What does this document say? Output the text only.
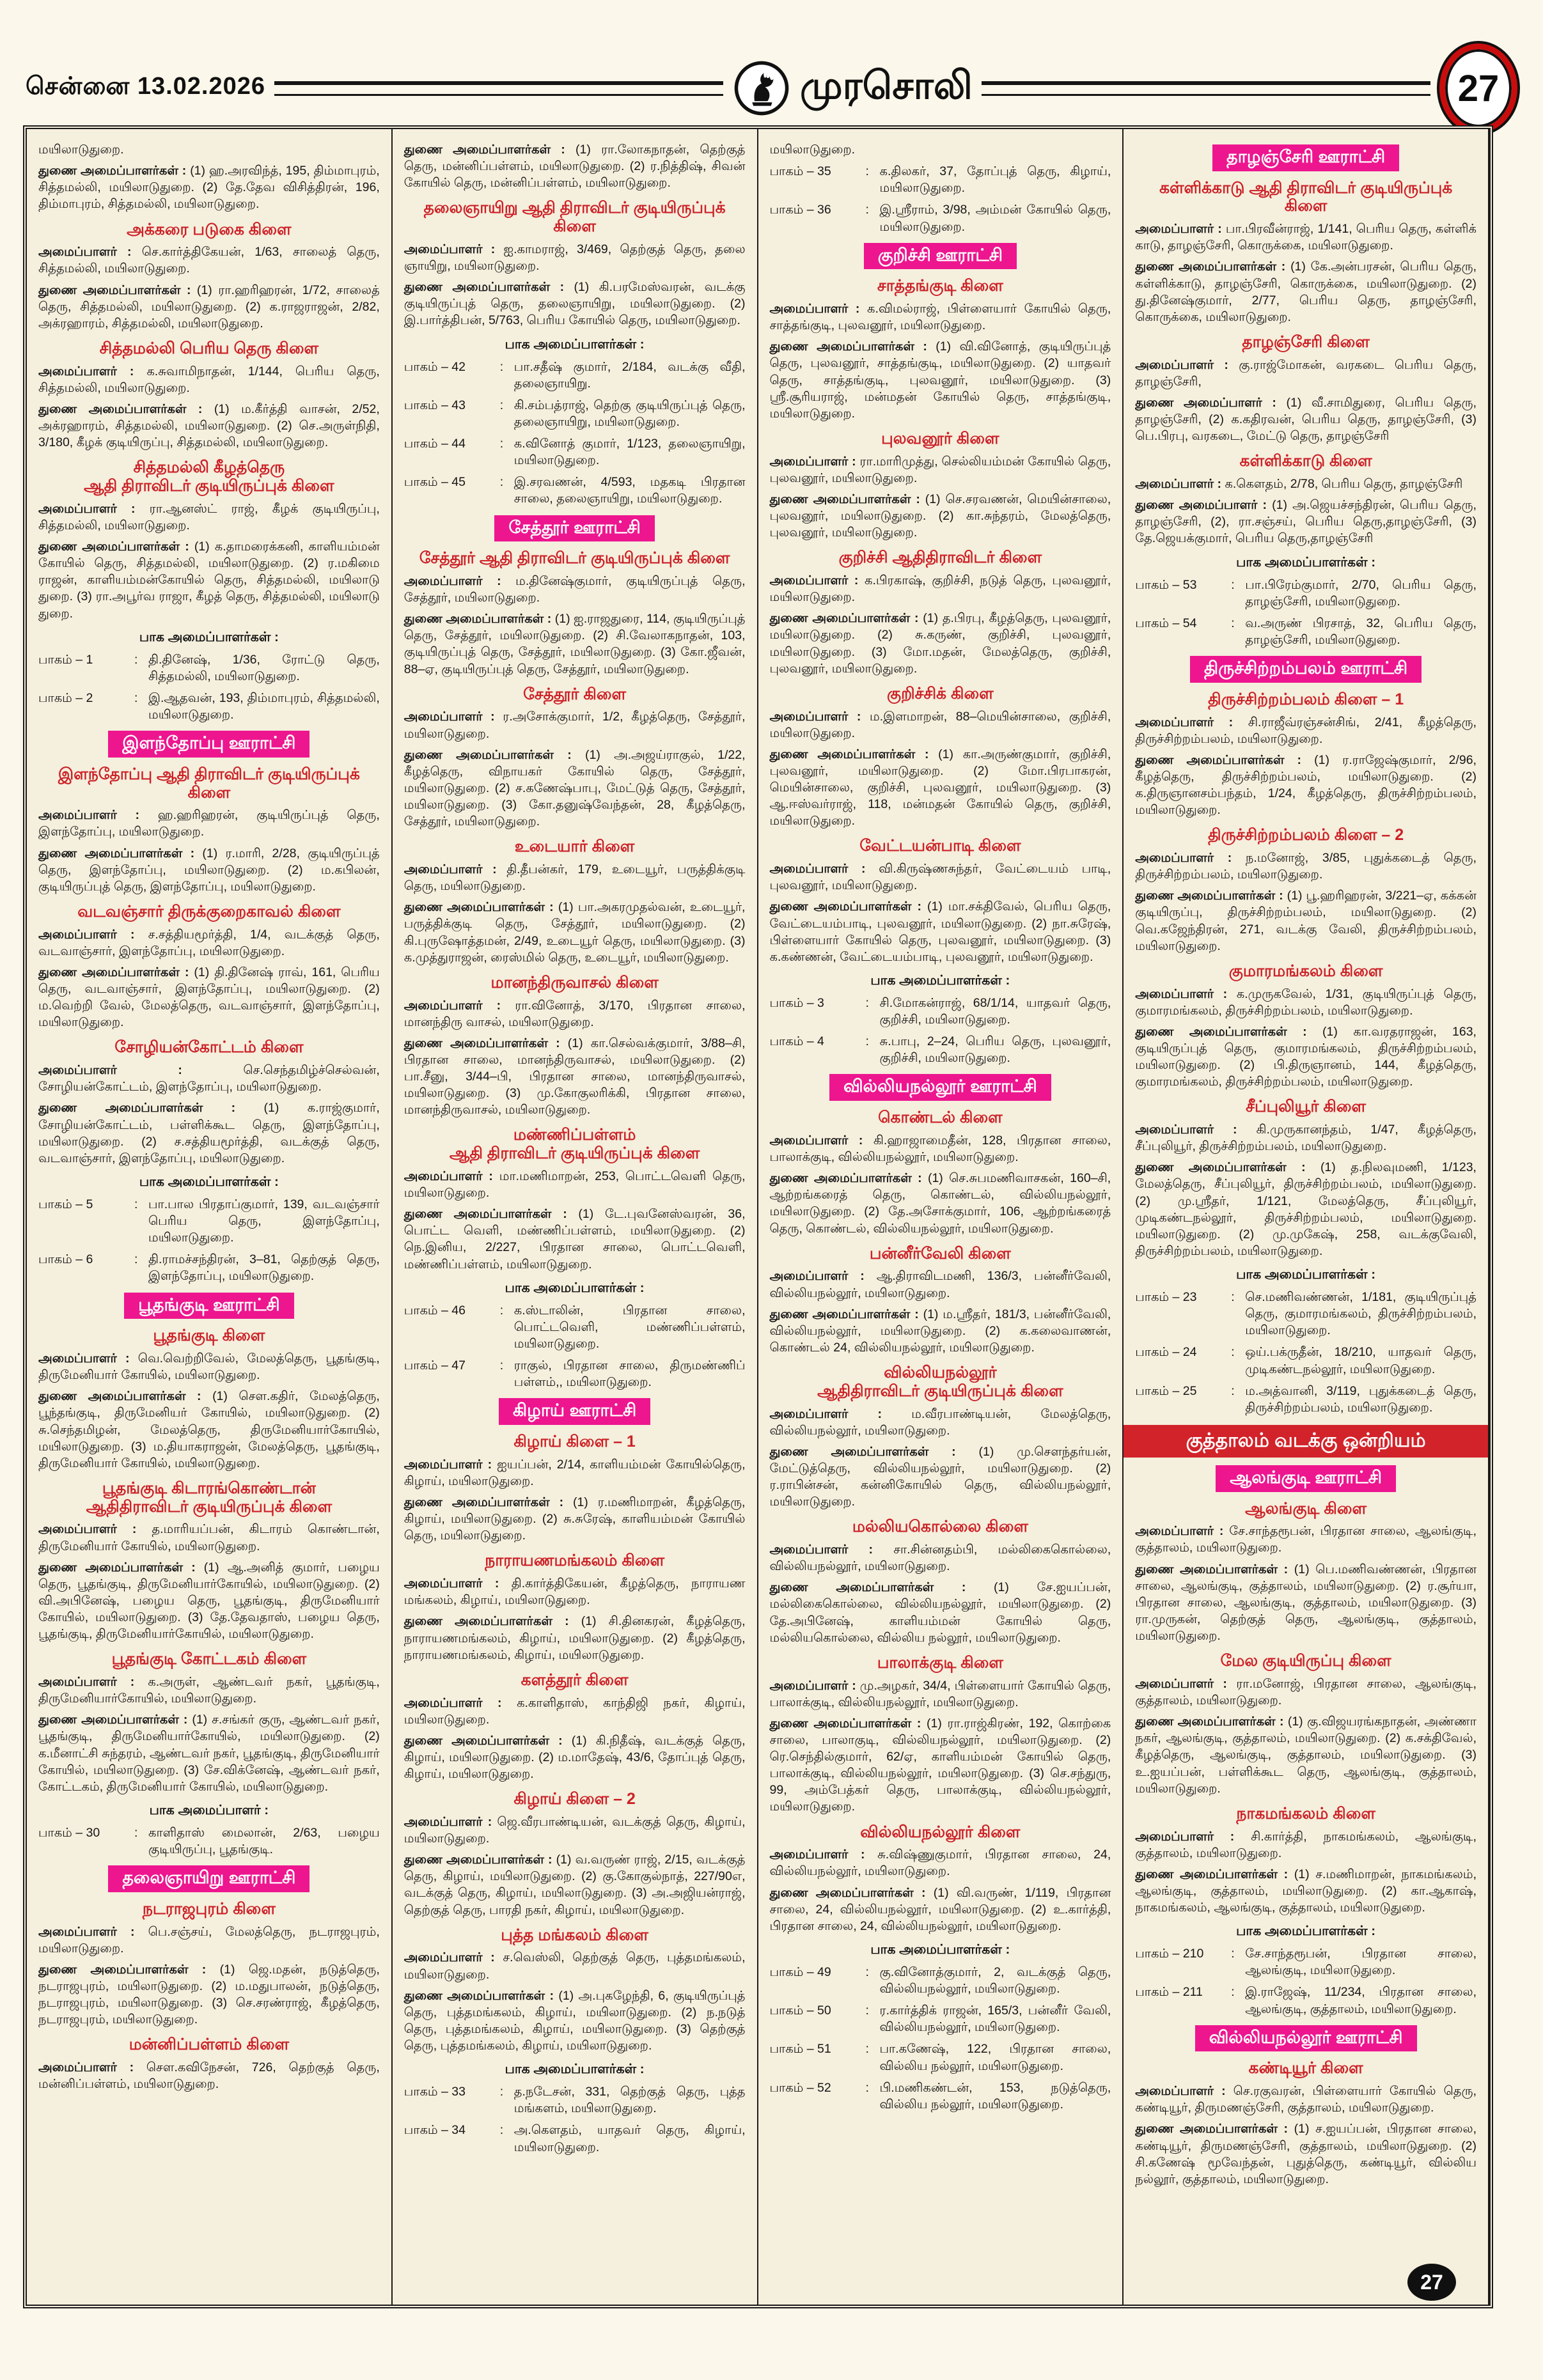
சென்னை 13.02.2026	முரசொலி	27
மயிலாடுதுறை.
துணை அமைப்பாளர்கள் : (1) ஹ.அரவிந்த், 195, திம்மாபுரம், சித்தமல்லி, மயிலாடுதுறை. (2) தே.தேவ விசித்திரன், 196, திம்மாபுரம், சித்தமல்லி, மயிலாடுதுறை.
அக்கரை படுகை கிளை
அமைப்பாளர் : செ.கார்த்திகேயன், 1/63, சாலைத் தெரு, சித்தமல்லி, மயிலாடுதுறை.
துணை அமைப்பாளர்கள் : (1) ரா.ஹரிஹரன், 1/72, சாலைத் தெரு, சித்தமல்லி, மயிலாடுதுறை. (2) க.ராஜராஜன், 2/82, அக்ரஹாரம், சித்தமல்லி, மயிலாடுதுறை.
சித்தமல்லி பெரிய தெரு கிளை
அமைப்பாளர் : க.சுவாமிநாதன், 1/144, பெரிய தெரு, சித்தமல்லி, மயிலாடுதுறை.
துணை அமைப்பாளர்கள் : (1) ம.கீர்த்தி வாசன், 2/52, அக்ரஹாரம், சித்தமல்லி, மயிலாடுதுறை. (2) செ.அருள்நிதி, 3/180, கீழக் குடியிருப்பு, சித்தமல்லி, மயிலாடுதுறை.
சித்தமல்லி கீழத்தெரு
ஆதி திராவிடர் குடியிருப்புக் கிளை
அமைப்பாளர் : ரா.ஆனஸ்ட் ராஜ், கீழக் குடியிருப்பு, சித்தமல்லி, மயிலாடுதுறை.
துணை அமைப்பாளர்கள் : (1) க.தாமரைக்கனி, காளியம்மன் கோயில் தெரு, சித்தமல்லி, மயிலாடுதுறை. (2) ர.மகிமை ராஜன், காளியம்மன்கோயில் தெரு, சித்தமல்லி, மயிலாடு துறை. (3) ரா.அபூர்வ ராஜா, கீழத் தெரு, சித்தமல்லி, மயிலாடு துறை.
பாக அமைப்பாளர்கள் :
பாகம் – 1	: தி.தினேஷ், 1/36, ரோட்டு தெரு, சித்தமல்லி, மயிலாடுதுறை.
பாகம் – 2	: இ.ஆதவன், 193, திம்மாபுரம், சித்தமல்லி, மயிலாடுதுறை.
இளந்தோப்பு ஊராட்சி
இளந்தோப்பு ஆதி திராவிடர் குடியிருப்புக் கிளை
அமைப்பாளர் : ஹ.ஹரிஹரன், குடியிருப்புத் தெரு, இளந்தோப்பு, மயிலாடுதுறை.
துணை அமைப்பாளர்கள் : (1) ர.மாரி, 2/28, குடியிருப்புத் தெரு, இளந்தோப்பு, மயிலாடுதுறை. (2) ம.கபிலன், குடியிருப்புத் தெரு, இளந்தோப்பு, மயிலாடுதுறை.
வடவஞ்சார் திருக்குறைகாவல் கிளை
அமைப்பாளர் : ச.சத்தியமூர்த்தி, 1/4, வடக்குத் தெரு, வடவாஞ்சார், இளந்தோப்பு, மயிலாடுதுறை.
துணை அமைப்பாளர்கள் : (1) தி.தினேஷ் ராவ், 161, பெரிய தெரு, வடவாஞ்சார், இளந்தோப்பு, மயிலாடுதுறை. (2) ம.வெற்றி வேல், மேலத்தெரு, வடவாஞ்சார், இளந்தோப்பு, மயிலாடுதுறை.
சோழியன்கோட்டம் கிளை
அமைப்பாளர் : செ.செந்தமிழ்ச்செல்வன், சோழியன்கோட்டம், இளந்தோப்பு, மயிலாடுதுறை.
துணை அமைப்பாளர்கள் : (1) க.ராஜ்குமார், சோழியன்கோட்டம், பள்ளிக்கூட தெரு, இளந்தோப்பு, மயிலாடுதுறை. (2) ச.சத்தியமூர்த்தி, வடக்குத் தெரு, வடவாஞ்சார், இளந்தோப்பு, மயிலாடுதுறை.
பாக அமைப்பாளர்கள் :
பாகம் – 5	: பா.பால பிரதாப்குமார், 139, வடவஞ்சார் பெரிய தெரு, இளந்தோப்பு, மயிலாடுதுறை.
பாகம் – 6	: தி.ராமச்சந்திரன், 3–81, தெற்குத் தெரு, இளந்தோப்பு, மயிலாடுதுறை.
பூதங்குடி ஊராட்சி
பூதங்குடி கிளை
அமைப்பாளர் : வெ.வெற்றிவேல், மேலத்தெரு, பூதங்குடி, திருமேனியார் கோயில், மயிலாடுதுறை.
துணை அமைப்பாளர்கள் : (1) செள.கதிர், மேலத்தெரு, பூந்தங்குடி, திருமேனியர் கோயில், மயிலாடுதுறை. (2) சு.செந்தமிழன், மேலத்தெரு, திருமேனியார்கோயில், மயிலாடுதுறை. (3) ம.தியாகராஜன், மேலத்தெரு, பூதங்குடி, திருமேனியார் கோயில், மயிலாடுதுறை.
பூதங்குடி கிடாரங்கொண்டான்
ஆதிதிராவிடர் குடியிருப்புக் கிளை
அமைப்பாளர் : த.மாரியப்பன், கிடாரம் கொண்டான், திருமேனியார் கோயில், மயிலாடுதுறை.
துணை அமைப்பாளர்கள் : (1) ஆ.அனித் குமார், பழைய தெரு, பூதங்குடி, திருமேனியார்கோயில், மயிலாடுதுறை. (2) வி.அபினேஷ், பழைய தெரு, பூதங்குடி, திருமேனியார் கோயில், மயிலாடுதுறை. (3) தே.தேவதாஸ், பழைய தெரு, பூதங்குடி, திருமேனியார்கோயில், மயிலாடுதுறை.
பூதங்குடி கோட்டகம் கிளை
அமைப்பாளர் : க.அருள், ஆண்டவர் நகர், பூதங்குடி, திருமேனியார்கோயில், மயிலாடுதுறை.
துணை அமைப்பாளர்கள் : (1) ச.சங்கர் குரு, ஆண்டவர் நகர், பூதங்குடி, திருமேனியார்கோயில், மயிலாடுதுறை. (2) க.மீனாட்சி சுந்தரம், ஆண்டவர் நகர், பூதங்குடி, திருமேனியார் கோயில், மயிலாடுதுறை. (3) சே.விக்னேஷ், ஆண்டவர் நகர், கோட்டகம், திருமேனியார் கோயில், மயிலாடுதுறை.
பாக அமைப்பாளர் :
பாகம் – 30	: காளிதாஸ் மைலான், 2/63, பழைய குடியிருப்பு, பூதங்குடி.
தலைஞாயிறு ஊராட்சி
நடராஜபுரம் கிளை
அமைப்பாளர் : பெ.சஞ்சய், மேலத்தெரு, நடராஜபுரம், மயிலாடுதுறை.
துணை அமைப்பாளர்கள் : (1) ஜெ.மதன், நடுத்தெரு, நடராஜபுரம், மயிலாடுதுறை. (2) ம.மதுபாலன், நடுத்தெரு, நடராஜபுரம், மயிலாடுதுறை. (3) செ.சரண்ராஜ், கீழத்தெரு, நடராஜபுரம், மயிலாடுதுறை.
மன்னிப்பள்ளம் கிளை
அமைப்பாளர் : செள.கவிநேசன், 726, தெற்குத் தெரு, மன்னிப்பள்ளம், மயிலாடுதுறை.
துணை அமைப்பாளர்கள் : (1) ரா.லோகநாதன், தெற்குத் தெரு, மன்னிப்பள்ளம், மயிலாடுதுறை. (2) ர.நித்திஷ், சிவன் கோயில் தெரு, மன்னிப்பள்ளம், மயிலாடுதுறை.
தலைஞாயிறு ஆதி திராவிடர் குடியிருப்புக் கிளை
அமைப்பாளர் : ஐ.காமராஜ், 3/469, தெற்குத் தெரு, தலை ஞாயிறு, மயிலாடுதுறை.
துணை அமைப்பாளர்கள் : (1) கி.பரமேஸ்வரன், வடக்கு குடியிருப்புத் தெரு, தலைஞாயிறு, மயிலாடுதுறை. (2) இ.பார்த்திபன், 5/763, பெரிய கோயில் தெரு, மயிலாடுதுறை.
பாக அமைப்பாளர்கள் :
பாகம் – 42	: பா.சதீஷ் குமார், 2/184, வடக்கு வீதி, தலைஞாயிறு.
பாகம் – 43	: கி.சம்பத்ராஜ், தெற்கு குடியிருப்புத் தெரு, தலைஞாயிறு, மயிலாடுதுறை.
பாகம் – 44	: க.வினோத் குமார், 1/123, தலைஞாயிறு, மயிலாடுதுறை.
பாகம் – 45	: இ.சரவணன், 4/593, மதகடி பிரதான சாலை, தலைஞாயிறு, மயிலாடுதுறை.
சேத்தூர் ஊராட்சி
சேத்தூர் ஆதி திராவிடர் குடியிருப்புக் கிளை
அமைப்பாளர் : ம.தினேஷ்குமார், குடியிருப்புத் தெரு, சேத்தூர், மயிலாடுதுறை.
துணை அமைப்பாளர்கள் : (1) ஐ.ராஜதுரை, 114, குடியிருப்புத் தெரு, சேத்தூர், மயிலாடுதுறை. (2) சி.வேலாகநாதன், 103, குடியிருப்புத் தெரு, சேத்தூர், மயிலாடுதுறை. (3) கோ.ஜீவன், 88–ஏ, குடியிருப்புத் தெரு, சேத்தூர், மயிலாடுதுறை.
சேத்தூர் கிளை
அமைப்பாளர் : ர.அசோக்குமார், 1/2, கீழத்தெரு, சேத்தூர், மயிலாடுதுறை.
துணை அமைப்பாளர்கள் : (1) அ.அஜய்ராகுல், 1/22, கீழத்தெரு, விநாயகர் கோயில் தெரு, சேத்தூர், மயிலாடுதுறை. (2) ச.கணேஷ்பாபு, மேட்டுத் தெரு, சேத்தூர், மயிலாடுதுறை. (3) கோ.தனுஷ்வேந்தன், 28, கீழத்தெரு, சேத்தூர், மயிலாடுதுறை.
உடையார் கிளை
அமைப்பாளர் : தி.தீபன்கர், 179, உடையூர், பருத்திக்குடி தெரு, மயிலாடுதுறை.
துணை அமைப்பாளர்கள் : (1) பா.அகரமுதல்வன், உடையூர், பருத்திக்குடி தெரு, சேத்தூர், மயிலாடுதுறை. (2) கி.புருஷோத்தமன், 2/49, உடையூர் தெரு, மயிலாடுதுறை. (3) க.முத்துராஜன், ரைஸ்மில் தெரு, உடையூர், மயிலாடுதுறை.
மானந்திருவாசல் கிளை
அமைப்பாளர் : ரா.வினோத், 3/170, பிரதான சாலை, மானந்திரு வாசல், மயிலாடுதுறை.
துணை அமைப்பாளர்கள் : (1) கா.செல்வக்குமார், 3/88–சி, பிரதான சாலை, மானந்திருவாசல், மயிலாடுதுறை. (2) பா.சீனு, 3/44–பி, பிரதான சாலை, மானந்திருவாசல், மயிலாடுதுறை. (3) மு.கோகுலரிக்கி, பிரதான சாலை, மானந்திருவாசல், மயிலாடுதுறை.
மண்ணிப்பள்ளம்
ஆதி திராவிடர் குடியிருப்புக் கிளை
அமைப்பாளர் : மா.மணிமாறன், 253, பொட்டவெளி தெரு, மயிலாடுதுறை.
துணை அமைப்பாளர்கள் : (1) டே.புவனேஸ்வரன், 36, பொட்ட வெளி, மண்ணிப்பள்ளம், மயிலாடுதுறை. (2) நெ.இனிய, 2/227, பிரதான சாலை, பொட்டவெளி, மண்ணிப்பள்ளம், மயிலாடுதுறை.
பாக அமைப்பாளர்கள் :
பாகம் – 46	: க.ஸ்டாலின், பிரதான சாலை, பொட்டவெளி, மண்ணிப்பள்ளம், மயிலாடுதுறை.
பாகம் – 47	: ராகுல், பிரதான சாலை, திருமண்ணிப் பள்ளம்,, மயிலாடுதுறை.
கிழாய் ஊராட்சி
கிழாய் கிளை – 1
அமைப்பாளர் : ஐயப்பன், 2/14, காளியம்மன் கோயில்தெரு, கிழாய், மயிலாடுதுறை.
துணை அமைப்பாளர்கள் : (1) ர.மணிமாறன், கீழத்தெரு, கிழாய், மயிலாடுதுறை. (2) சு.சுரேஷ், காளியம்மன் கோயில் தெரு, மயிலாடுதுறை.
நாராயணமங்கலம் கிளை
அமைப்பாளர் : தி.கார்த்திகேயன், கீழத்தெரு, நாராயண மங்கலம், கிழாய், மயிலாடுதுறை.
துணை அமைப்பாளர்கள் : (1) சி.தினகரன், கீழத்தெரு, நாராயணமங்கலம், கிழாய், மயிலாடுதுறை. (2) கீழத்தெரு, நாராயணமங்கலம், கிழாய், மயிலாடுதுறை.
களத்தூர் கிளை
அமைப்பாளர் : க.காளிதாஸ், காந்திஜி நகர், கிழாய், மயிலாடுதுறை.
துணை அமைப்பாளர்கள் : (1) கி.நிதீஷ், வடக்குத் தெரு, கிழாய், மயிலாடுதுறை. (2) ம.மாதேஷ், 43/6, தோப்புத் தெரு, கிழாய், மயிலாடுதுறை.
கிழாய் கிளை – 2
அமைப்பாளர் : ஜெ.வீரபாண்டியன், வடக்குத் தெரு, கிழாய், மயிலாடுதுறை.
துணை அமைப்பாளர்கள் : (1) வ.வருண் ராஜ், 2/15, வடக்குத் தெரு, கிழாய், மயிலாடுதுறை. (2) கு.கோகுல்நாத், 227/90எ, வடக்குத் தெரு, கிழாய், மயிலாடுதுறை. (3) அ.அஜியன்ராஜ், தெற்குத் தெரு, பாரதி நகர், கிழாய், மயிலாடுதுறை.
புத்த மங்கலம் கிளை
அமைப்பாளர் : ச.வெஸ்லி, தெற்குத் தெரு, புத்தமங்கலம், மயிலாடுதுறை.
துணை அமைப்பாளர்கள் : (1) அ.புகழேந்தி, 6, குடியிருப்புத் தெரு, புத்தமங்கலம், கிழாய், மயிலாடுதுறை. (2) ந.நடுத் தெரு, புத்தமங்கலம், கிழாய், மயிலாடுதுறை. (3) தெற்குத் தெரு, புத்தமங்கலம், கிழாய், மயிலாடுதுறை.
பாக அமைப்பாளர்கள் :
பாகம் – 33	: த.நடேசன், 331, தெற்குத் தெரு, புத்த மங்களம், மயிலாடுதுறை.
பாகம் – 34	: அ.கௌதம், யாதவர் தெரு, கிழாய், மயிலாடுதுறை.
மயிலாடுதுறை.
பாகம் – 35	: க.திலகர், 37, தோப்புத் தெரு, கிழாய், மயிலாடுதுறை.
பாகம் – 36	: இ.ஸ்ரீராம், 3/98, அம்மன் கோயில் தெரு, மயிலாடுதுறை.
குறிச்சி ஊராட்சி
சாத்தங்குடி கிளை
அமைப்பாளர் : க.விமல்ராஜ், பிள்ளையார் கோயில் தெரு, சாத்தங்குடி, புலவனூர், மயிலாடுதுறை.
துணை அமைப்பாளர்கள் : (1) வி.வினோத், குடியிருப்புத் தெரு, புலவனூர், சாத்தங்குடி, மயிலாடுதுறை. (2) யாதவர் தெரு, சாத்தங்குடி, புலவனூர், மயிலாடுதுறை. (3) ஸ்ரீ.சூரியராஜ், மன்மதன் கோயில் தெரு, சாத்தங்குடி, மயிலாடுதுறை.
புலவனூர் கிளை
அமைப்பாளர் : ரா.மாரிமுத்து, செல்லியம்மன் கோயில் தெரு, புலவனூர், மயிலாடுதுறை.
துணை அமைப்பாளர்கள் : (1) செ.சரவணன், மெயின்சாலை, புலவனூர், மயிலாடுதுறை. (2) கா.சுந்தரம், மேலத்தெரு, புலவனூர், மயிலாடுதுறை.
குறிச்சி ஆதிதிராவிடர் கிளை
அமைப்பாளர் : க.பிரகாஷ், குறிச்சி, நடுத் தெரு, புலவனூர், மயிலாடுதுறை.
துணை அமைப்பாளர்கள் : (1) த.பிரபு, கீழத்தெரு, புலவனூர், மயிலாடுதுறை. (2) சு.கருண், குறிச்சி, புலவனூர், மயிலாடுதுறை. (3) மோ.மதன், மேலத்தெரு, குறிச்சி, புலவனூர், மயிலாடுதுறை.
குறிச்சிக் கிளை
அமைப்பாளர் : ம.இளமாறன், 88–மெயின்சாலை, குறிச்சி, மயிலாடுதுறை.
துணை அமைப்பாளர்கள் : (1) கா.அருண்குமார், குறிச்சி, புலவனூர், மயிலாடுதுறை. (2) மோ.பிரபாகரன், மெயின்சாலை, குறிச்சி, புலவனூர், மயிலாடுதுறை. (3) ஆ.ஈஸ்வர்ராஜ், 118, மன்மதன் கோயில் தெரு, குறிச்சி, மயிலாடுதுறை.
வேட்டயன்பாடி கிளை
அமைப்பாளர் : வி.கிருஷ்ணசுந்தர், வேட்டையம் பாடி, புலவனூர், மயிலாடுதுறை.
துணை அமைப்பாளர்கள் : (1) மா.சக்திவேல், பெரிய தெரு, வேட்டையம்பாடி, புலவனூர், மயிலாடுதுறை. (2) நா.சுரேஷ், பிள்ளையார் கோயில் தெரு, புலவனூர், மயிலாடுதுறை. (3) க.கண்ணன், வேட்டையம்பாடி, புலவனூர், மயிலாடுதுறை.
பாக அமைப்பாளர்கள் :
பாகம் – 3	: சி.மோகன்ராஜ், 68/1/14, யாதவர் தெரு, குறிச்சி, மயிலாடுதுறை.
பாகம் – 4	: சு.பாபு, 2–24, பெரிய தெரு, புலவனூர், குறிச்சி, மயிலாடுதுறை.
வில்லியநல்லூர் ஊராட்சி
கொண்டல் கிளை
அமைப்பாளர் : கி.ஹாஜாமைதீன், 128, பிரதான சாலை, பாலாக்குடி, வில்லியநல்லூர், மயிலாடுதுறை.
துணை அமைப்பாளர்கள் : (1) செ.சுபமணிவாசகன், 160–சி, ஆற்றங்கரைத் தெரு, கொண்டல், வில்லியநல்லூர், மயிலாடுதுறை. (2) தே.அசோக்குமார், 106, ஆற்றங்கரைத் தெரு, கொண்டல், வில்லியநல்லூர், மயிலாடுதுறை.
பன்னீர்வேலி கிளை
அமைப்பாளர் : ஆ.திராவிடமணி, 136/3, பன்னீர்வேலி, வில்லியநல்லூர், மயிலாடுதுறை.
துணை அமைப்பாளர்கள் : (1) ம.ஸ்ரீதர், 181/3, பன்னீர்வேலி, வில்லியநல்லூர், மயிலாடுதுறை. (2) க.கலைவாணன், கொண்டல் 24, வில்லியநல்லூர், மயிலாடுதுறை.
வில்லியநல்லூர்
ஆதிதிராவிடர் குடியிருப்புக் கிளை
அமைப்பாளர் : ம.வீரபாண்டியன், மேலத்தெரு, வில்லியநல்லூர், மயிலாடுதுறை.
துணை அமைப்பாளர்கள் : (1) மு.சௌந்தர்யன், மேட்டுத்தெரு, வில்லியநல்லூர், மயிலாடுதுறை. (2) ர.ராபின்சன், கன்னிகோயில் தெரு, வில்லியநல்லூர், மயிலாடுதுறை.
மல்லியகொல்லை கிளை
அமைப்பாளர் : சா.சின்னதம்பி, மல்லிகைகொல்லை, வில்லியநல்லூர், மயிலாடுதுறை.
துணை அமைப்பாளர்கள் : (1) சே.ஐயப்பன், மல்லிகைகொல்லை, வில்லியநல்லூர், மயிலாடுதுறை. (2) தே.அபினேஷ், காளியம்மன் கோயில் தெரு, மல்லியகொல்லை, வில்லிய நல்லூர், மயிலாடுதுறை.
பாலாக்குடி கிளை
அமைப்பாளர் : மு.அழகர், 34/4, பிள்ளையார் கோயில் தெரு, பாலாக்குடி, வில்லியநல்லூர், மயிலாடுதுறை.
துணை அமைப்பாளர்கள் : (1) ரா.ராஜ்கிரண், 192, கொற்கை சாலை, பாலாகுடி, வில்லியநல்லூர், மயிலாடுதுறை. (2) ரெ.செந்தில்குமார், 62/ஏ, காளியம்மன் கோயில் தெரு, பாலாக்குடி, வில்லியநல்லூர், மயிலாடுதுறை. (3) செ.சந்துரு, 99, அம்பேத்கர் தெரு, பாலாக்குடி, வில்லியநல்லூர், மயிலாடுதுறை.
வில்லியநல்லூர் கிளை
அமைப்பாளர் : சு.விஷ்ணுகுமார், பிரதான சாலை, 24, வில்லியநல்லூர், மயிலாடுதுறை.
துணை அமைப்பாளர்கள் : (1) வி.வருண், 1/119, பிரதான சாலை, 24, வில்லியநல்லூர், மயிலாடுதுறை. (2) உ.கார்த்தி, பிரதான சாலை, 24, வில்லியநல்லூர், மயிலாடுதுறை.
பாக அமைப்பாளர்கள் :
பாகம் – 49	: கு.வினோத்குமார், 2, வடக்குத் தெரு, வில்லியநல்லூர், மயிலாடுதுறை.
பாகம் – 50	: ர.கார்த்திக் ராஜன், 165/3, பன்னீர் வேலி, வில்லியநல்லூர், மயிலாடுதுறை.
பாகம் – 51	: பா.கணேஷ், 122, பிரதான சாலை, வில்லிய நல்லூர், மயிலாடுதுறை.
பாகம் – 52	: பி.மணிகண்டன், 153, நடுத்தெரு, வில்லிய நல்லூர், மயிலாடுதுறை.
தாழஞ்சேரி ஊராட்சி
கள்ளிக்காடு ஆதி திராவிடர் குடியிருப்புக் கிளை
அமைப்பாளர் : பா.பிரவீன்ராஜ், 1/141, பெரிய தெரு, கள்ளிக் காடு, தாழஞ்சேரி, கொருக்கை, மயிலாடுதுறை.
துணை அமைப்பாளர்கள் : (1) கே.அன்பரசன், பெரிய தெரு, கள்ளிக்காடு, தாழஞ்சேரி, கொருக்கை, மயிலாடுதுறை. (2) து.தினேஷ்குமார், 2/77, பெரிய தெரு, தாழஞ்சேரி, கொருக்கை, மயிலாடுதுறை.
தாழஞ்சேரி கிளை
அமைப்பாளர் : கு.ராஜ்மோகன், வரகடை பெரிய தெரு, தாழஞ்சேரி,
துணை அமைப்பாளர் : (1) வீ.சாமிதுரை, பெரிய தெரு, தாழஞ்சேரி, (2) க.கதிரவன், பெரிய தெரு, தாழஞ்சேரி, (3) பெ.பிரபு, வரகடை, மேட்டு தெரு, தாழஞ்சேரி
கள்ளிக்காடு கிளை
அமைப்பாளர் : க.கௌதம், 2/78, பெரிய தெரு, தாழஞ்சேரி
துணை அமைப்பாளர் : (1) அ.ஜெயச்சந்திரன், பெரிய தெரு, தாழஞ்சேரி, (2), ரா.சஞ்சய், பெரிய தெரு,தாழஞ்சேரி, (3) தே.ஜெயக்குமார், பெரிய தெரு,தாழஞ்சேரி
பாக அமைப்பாளர்கள் :
பாகம் – 53	: பா.பிரேம்குமார், 2/70, பெரிய தெரு, தாழஞ்சேரி, மயிலாடுதுறை.
பாகம் – 54	: வ.அருண் பிரசாத், 32, பெரிய தெரு, தாழஞ்சேரி, மயிலாடுதுறை.
திருச்சிற்றம்பலம் ஊராட்சி
திருச்சிற்றம்பலம் கிளை – 1
அமைப்பாளர் : சி.ராஜீவ்ரஞ்சன்சிங், 2/41, கீழத்தெரு, திருச்சிற்றம்பலம், மயிலாடுதுறை.
துணை அமைப்பாளர்கள் : (1) ர.ராஜேஷ்குமார், 2/96, கீழத்தெரு, திருச்சிற்றம்பலம், மயிலாடுதுறை. (2) க.திருஞானசம்பந்தம், 1/24, கீழத்தெரு, திருச்சிற்றம்பலம், மயிலாடுதுறை.
திருச்சிற்றம்பலம் கிளை – 2
அமைப்பாளர் : ந.மனோஜ், 3/85, புதுக்கடைத் தெரு, திருச்சிற்றம்பலம், மயிலாடுதுறை.
துணை அமைப்பாளர்கள் : (1) பூ.ஹரிஹரன், 3/221–ஏ, கக்கன் குடியிருப்பு, திருச்சிற்றம்பலம், மயிலாடுதுறை. (2) வெ.கஜேந்திரன், 271, வடக்கு வேலி, திருச்சிற்றம்பலம், மயிலாடுதுறை.
குமாரமங்கலம் கிளை
அமைப்பாளர் : க.முருகவேல், 1/31, குடியிருப்புத் தெரு, குமாரமங்கலம், திருச்சிற்றம்பலம், மயிலாடுதுறை.
துணை அமைப்பாளர்கள் : (1) கா.வரதராஜன், 163, குடியிருப்புத் தெரு, குமாரமங்கலம், திருச்சிற்றம்பலம், மயிலாடுதுறை. (2) பி.திருஞானம், 144, கீழத்தெரு, குமாரமங்கலம், திருச்சிற்றம்பலம், மயிலாடுதுறை.
சீப்புலியூர் கிளை
அமைப்பாளர் : கி.முருகானந்தம், 1/47, கீழத்தெரு, சீப்புலியூர், திருச்சிற்றம்பலம், மயிலாடுதுறை.
துணை அமைப்பாளர்கள் : (1) த.நிலவுமணி, 1/123, மேலத்தெரு, சீப்புலியூர், திருச்சிற்றம்பலம், மயிலாடுதுறை. (2) மு.ஸ்ரீதர், 1/121, மேலத்தெரு, சீப்புலியூர், முடிகண்டநல்லூர், திருச்சிற்றம்பலம், மயிலாடுதுறை. மயிலாடுதுறை. (2) மு.முகேஷ், 258, வடக்குவேலி, திருச்சிற்றம்பலம், மயிலாடுதுறை.
பாக அமைப்பாளர்கள் :
பாகம் – 23	: செ.மணிவண்ணன், 1/181, குடியிருப்புத் தெரு, குமாரமங்கலம், திருச்சிற்றம்பலம், மயிலாடுதுறை.
பாகம் – 24	: ஒய்.பக்ருதீன், 18/210, யாதவர் தெரு, முடிகண்டநல்லூர், மயிலாடுதுறை.
பாகம் – 25	: ம.அத்வானி, 3/119, புதுக்கடைத் தெரு, திருச்சிற்றம்பலம், மயிலாடுதுறை.
குத்தாலம் வடக்கு ஒன்றியம்
ஆலங்குடி ஊராட்சி
ஆலங்குடி கிளை
அமைப்பாளர் : சே.சாந்தரூபன், பிரதான சாலை, ஆலங்குடி, குத்தாலம், மயிலாடுதுறை.
துணை அமைப்பாளர்கள் : (1) பெ.மணிவண்ணன், பிரதான சாலை, ஆலங்குடி, குத்தாலம், மயிலாடுதுறை. (2) ர.சூர்யா, பிரதான சாலை, ஆலங்குடி, குத்தாலம், மயிலாடுதுறை. (3) ரா.முருகன், தெற்குத் தெரு, ஆலங்குடி, குத்தாலம், மயிலாடுதுறை.
மேல குடியிருப்பு கிளை
அமைப்பாளர் : ரா.மனோஜ், பிரதான சாலை, ஆலங்குடி, குத்தாலம், மயிலாடுதுறை.
துணை அமைப்பாளர்கள் : (1) கு.விஜயரங்கநாதன், அண்ணா நகர், ஆலங்குடி, குத்தாலம், மயிலாடுதுறை. (2) க.சக்திவேல், கீழத்தெரு, ஆலங்குடி, குத்தாலம், மயிலாடுதுறை. (3) உ.ஐயப்பன், பள்ளிக்கூட தெரு, ஆலங்குடி, குத்தாலம், மயிலாடுதுறை.
நாகமங்கலம் கிளை
அமைப்பாளர் : சி.கார்த்தி, நாகமங்கலம், ஆலங்குடி, குத்தாலம், மயிலாடுதுறை.
துணை அமைப்பாளர்கள் : (1) ச.மணிமாறன், நாகமங்கலம், ஆலங்குடி, குத்தாலம், மயிலாடுதுறை. (2) கா.ஆகாஷ், நாகமங்கலம், ஆலங்குடி, குத்தாலம், மயிலாடுதுறை.
பாக அமைப்பாளர்கள் :
பாகம் – 210	: சே.சாந்தரூபன், பிரதான சாலை, ஆலங்குடி, மயிலாடுதுறை.
பாகம் – 211	: இ.ராஜேஷ், 11/234, பிரதான சாலை, ஆலங்குடி, குத்தாலம், மயிலாடுதுறை.
வில்லியநல்லூர் ஊராட்சி
கண்டியூர் கிளை
அமைப்பாளர் : செ.ரகுவரன், பிள்ளையார் கோயில் தெரு, கண்டியூர், திருமணஞ்சேரி, குத்தாலம், மயிலாடுதுறை.
துணை அமைப்பாளர்கள் : (1) ச.ஐயப்பன், பிரதான சாலை, கண்டியூர், திருமணஞ்சேரி, குத்தாலம், மயிலாடுதுறை. (2) சி.கணேஷ் மூவேந்தன், புதுத்தெரு, கண்டியூர், வில்லிய நல்லூர், குத்தாலம், மயிலாடுதுறை.
27
